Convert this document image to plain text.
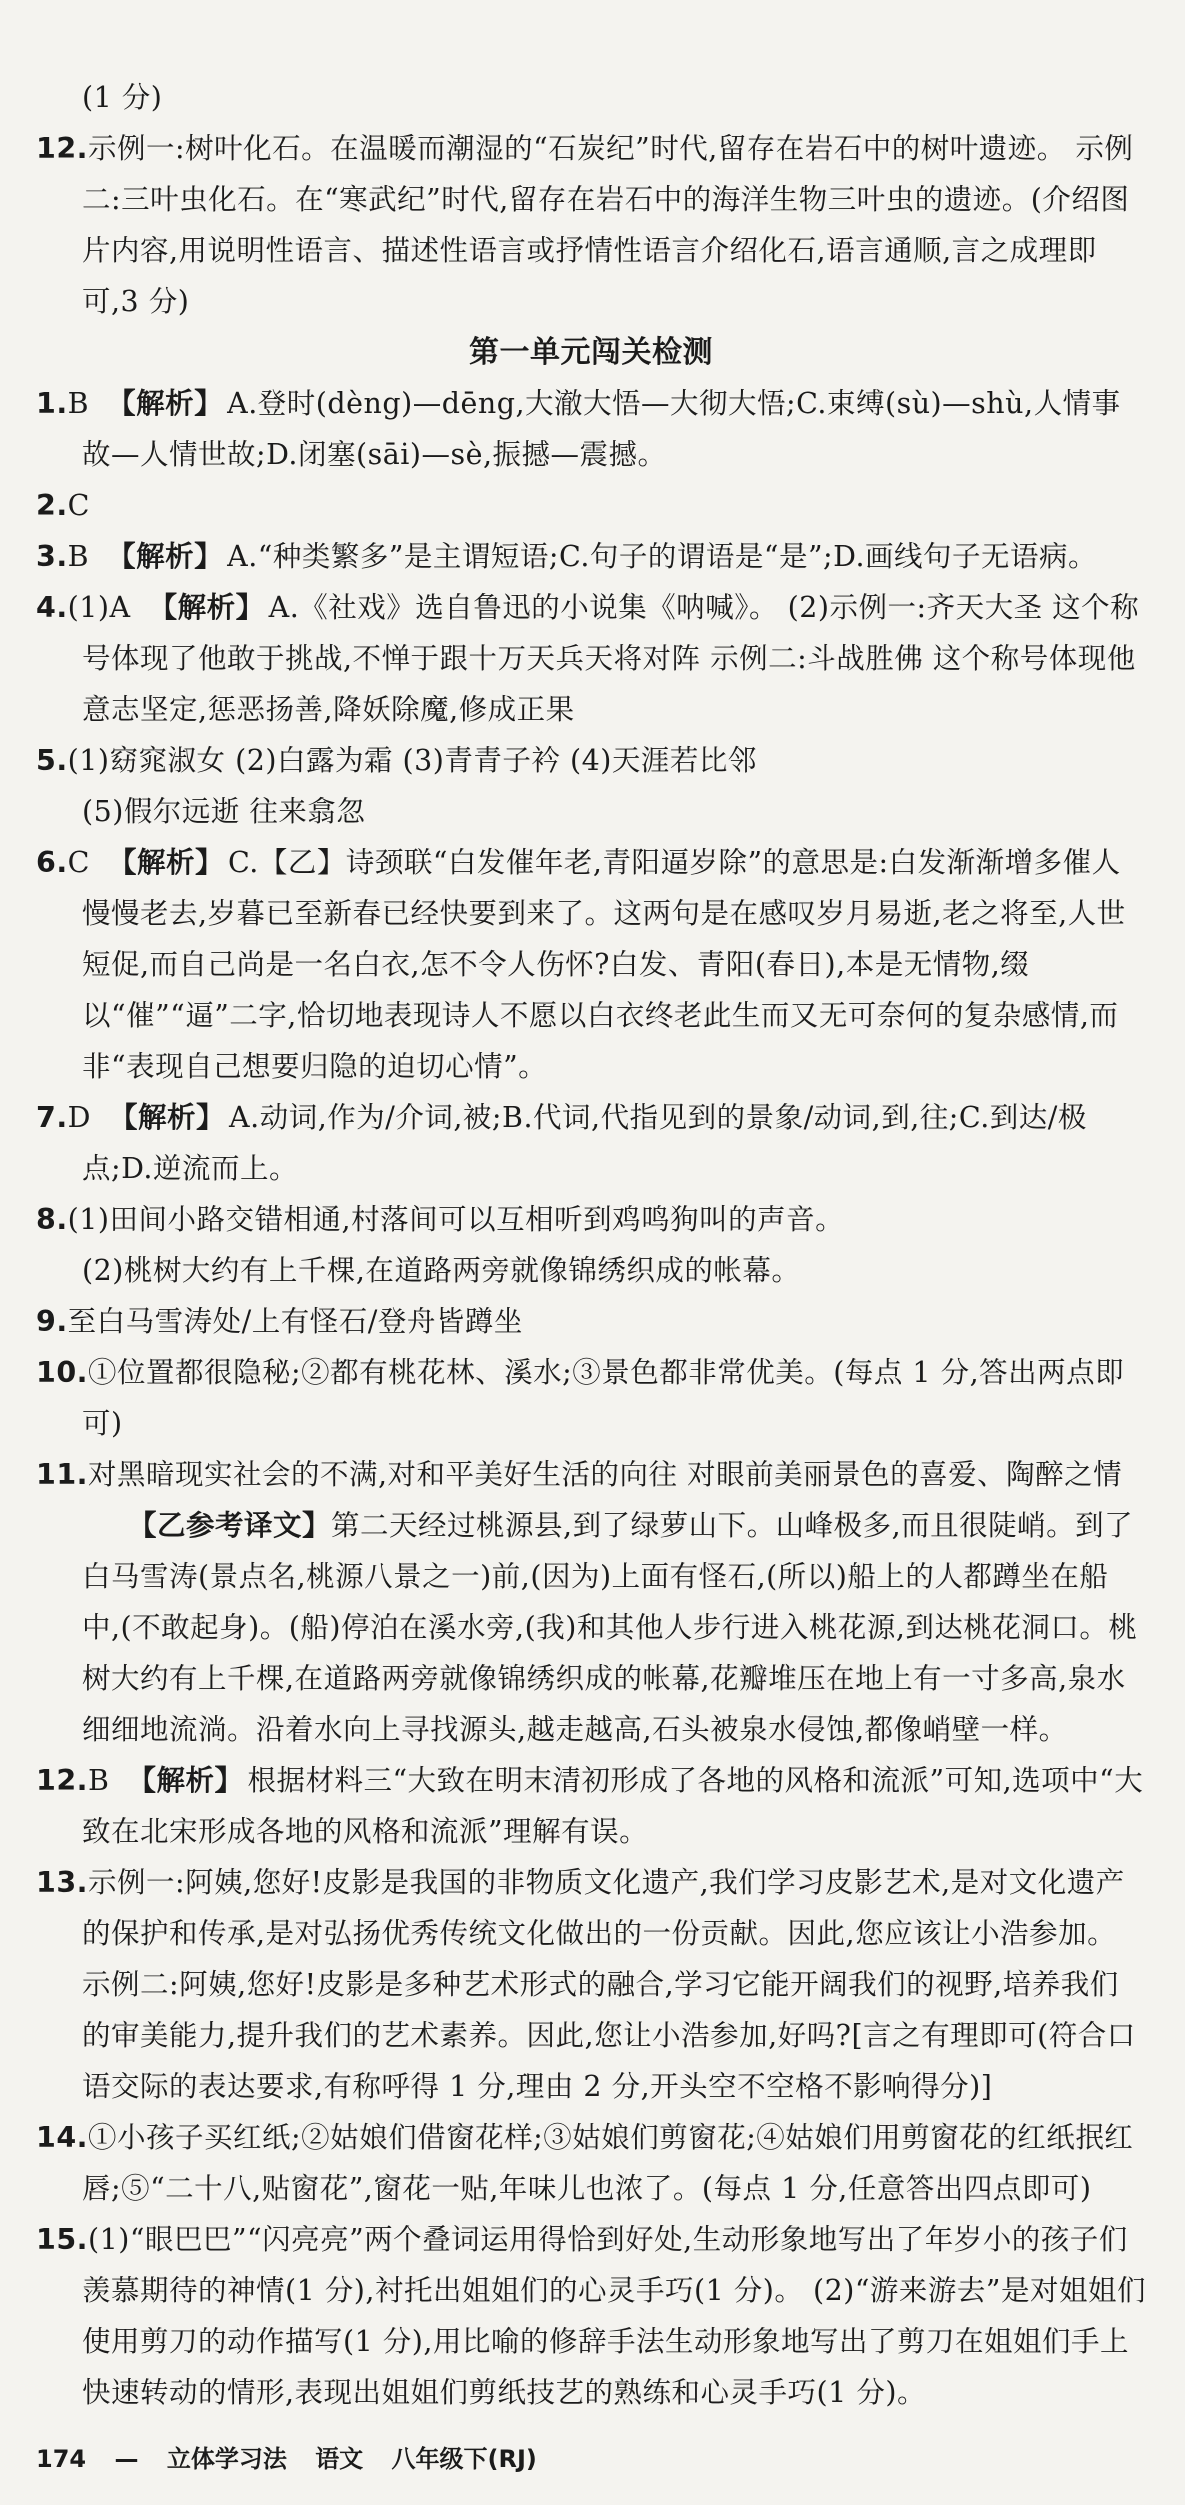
(1 分)

12.示例一:树叶化石。在温暖而潮湿的“石炭纪”时代,留存在岩石中的树叶遗迹。 示例二:三叶虫化石。在“寒武纪”时代,留存在岩石中的海洋生物三叶虫的遗迹。(介绍图片内容,用说明性语言、描述性语言或抒情性语言介绍化石,语言通顺,言之成理即可,3 分)

第一单元闯关检测

1.B 【解析】 A.登时(dèng)—dēng,大澈大悟—大彻大悟;C.束缚(sù)—shù,人情事故—人情世故;D.闭塞(sāi)—sè,振撼—震撼。

2.C

3.B 【解析】 A.“种类繁多”是主谓短语;C.句子的谓语是“是”;D.画线句子无语病。

4.(1)A 【解析】 A.《社戏》选自鲁迅的小说集《呐喊》。 (2)示例一:齐天大圣 这个称号体现了他敢于挑战,不惮于跟十万天兵天将对阵 示例二:斗战胜佛 这个称号体现他意志坚定,惩恶扬善,降妖除魔,修成正果

5.(1)窈窕淑女 (2)白露为霜 (3)青青子衿 (4)天涯若比邻

(5)假尔远逝 往来翕忽

6.C 【解析】 C.【乙】诗颈联“白发催年老,青阳逼岁除”的意思是:白发渐渐增多催人慢慢老去,岁暮已至新春已经快要到来了。这两句是在感叹岁月易逝,老之将至,人世短促,而自己尚是一名白衣,怎不令人伤怀?白发、青阳(春日),本是无情物,缀以“催”“逼”二字,恰切地表现诗人不愿以白衣终老此生而又无可奈何的复杂感情,而非“表现自己想要归隐的迫切心情”。

7.D 【解析】 A.动词,作为/介词,被;B.代词,代指见到的景象/动词,到,往;C.到达/极点;D.逆流而上。

8.(1)田间小路交错相通,村落间可以互相听到鸡鸣狗叫的声音。

(2)桃树大约有上千棵,在道路两旁就像锦绣织成的帐幕。

9.至白马雪涛处/上有怪石/登舟皆蹲坐

10.①位置都很隐秘;②都有桃花林、溪水;③景色都非常优美。(每点 1 分,答出两点即可)

11.对黑暗现实社会的不满,对和平美好生活的向往 对眼前美丽景色的喜爱、陶醉之情

【乙参考译文】第二天经过桃源县,到了绿萝山下。山峰极多,而且很陡峭。到了白马雪涛(景点名,桃源八景之一)前,(因为)上面有怪石,(所以)船上的人都蹲坐在船中,(不敢起身)。(船)停泊在溪水旁,(我)和其他人步行进入桃花源,到达桃花洞口。桃树大约有上千棵,在道路两旁就像锦绣织成的帐幕,花瓣堆压在地上有一寸多高,泉水细细地流淌。沿着水向上寻找源头,越走越高,石头被泉水侵蚀,都像峭壁一样。

12.B 【解析】 根据材料三“大致在明末清初形成了各地的风格和流派”可知,选项中“大致在北宋形成各地的风格和流派”理解有误。

13.示例一:阿姨,您好!皮影是我国的非物质文化遗产,我们学习皮影艺术,是对文化遗产的保护和传承,是对弘扬优秀传统文化做出的一份贡献。因此,您应该让小浩参加。 示例二:阿姨,您好!皮影是多种艺术形式的融合,学习它能开阔我们的视野,培养我们的审美能力,提升我们的艺术素养。因此,您让小浩参加,好吗?[言之有理即可(符合口语交际的表达要求,有称呼得 1 分,理由 2 分,开头空不空格不影响得分)]

14.①小孩子买红纸;②姑娘们借窗花样;③姑娘们剪窗花;④姑娘们用剪窗花的红纸抿红唇;⑤“二十八,贴窗花”,窗花一贴,年味儿也浓了。(每点 1 分,任意答出四点即可)

15.(1)“眼巴巴”“闪亮亮”两个叠词运用得恰到好处,生动形象地写出了年岁小的孩子们羡慕期待的神情(1 分),衬托出姐姐们的心灵手巧(1 分)。 (2)“游来游去”是对姐姐们使用剪刀的动作描写(1 分),用比喻的修辞手法生动形象地写出了剪刀在姐姐们手上快速转动的情形,表现出姐姐们剪纸技艺的熟练和心灵手巧(1 分)。

174 — 立体学习法 语文 八年级下(RJ)
